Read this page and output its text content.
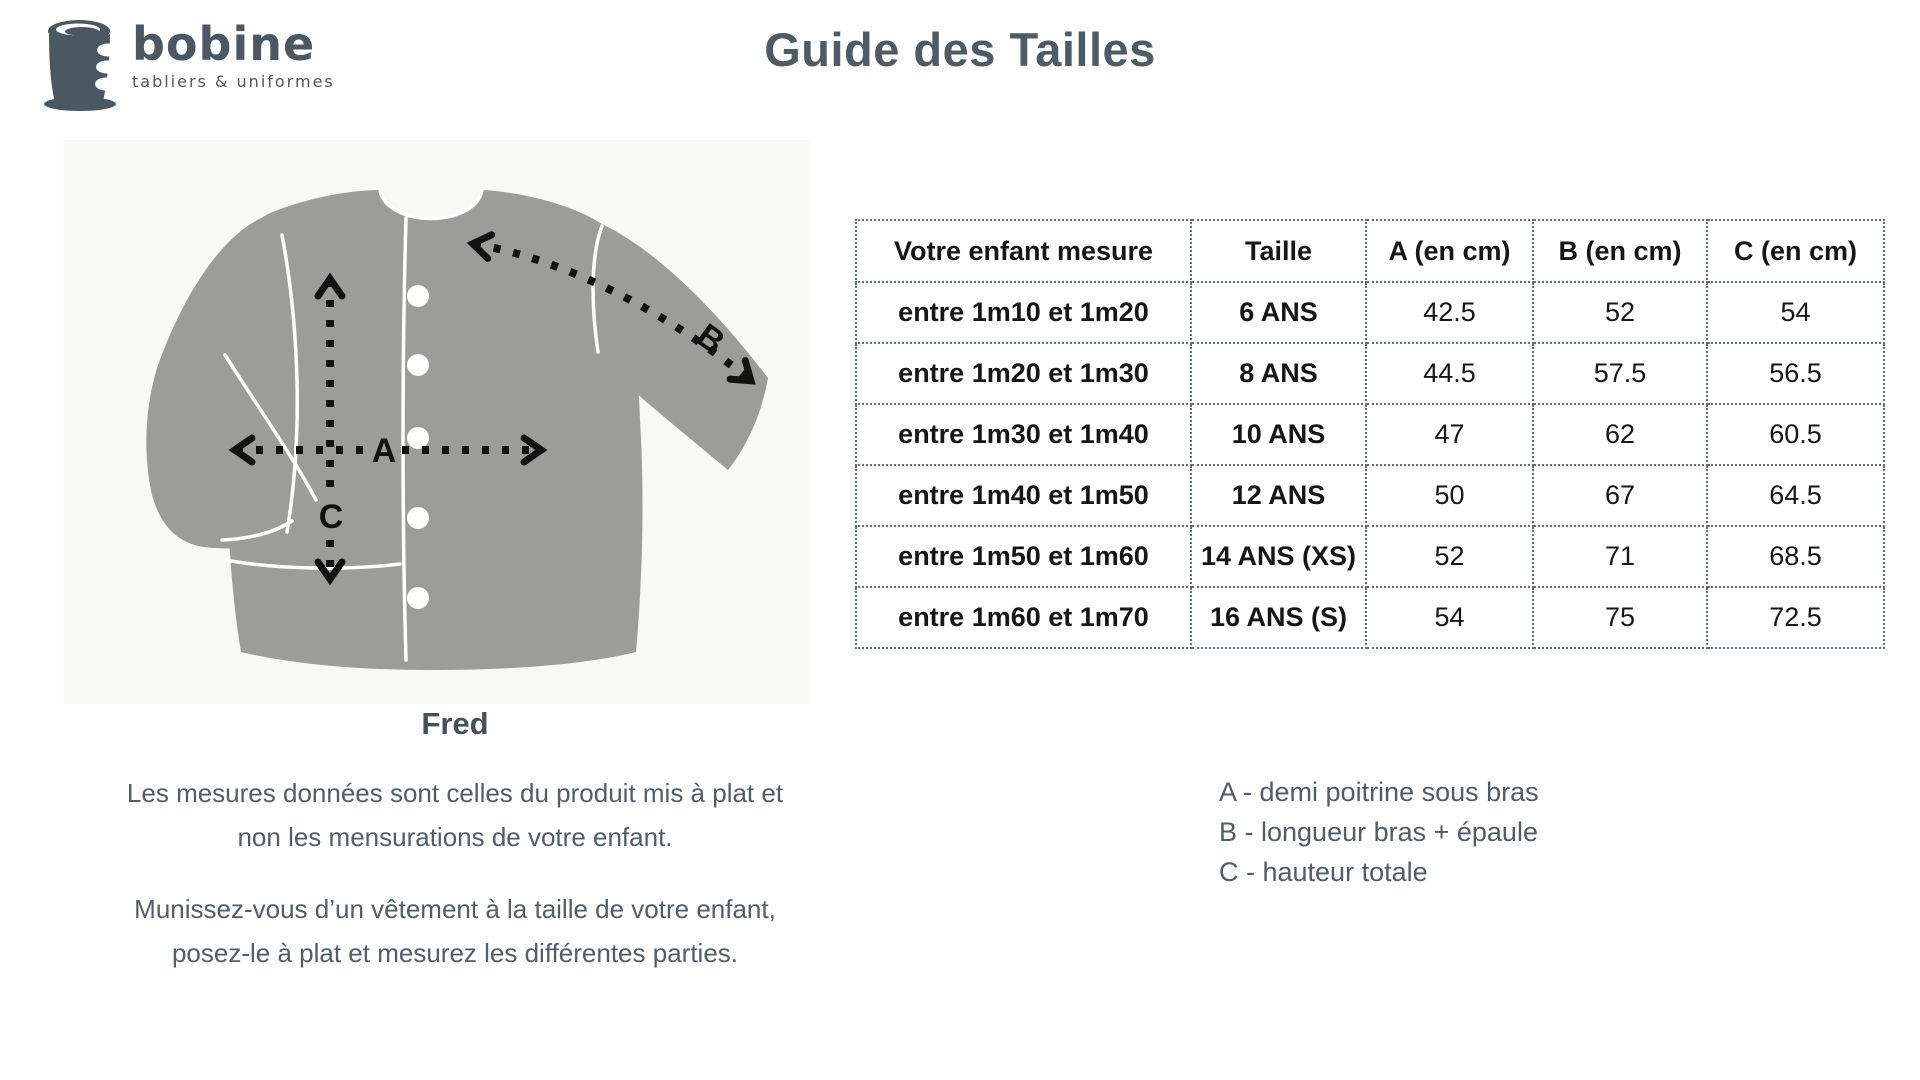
bobine
tabliers & uniformes
Guide des Tailles
A
B
C
Fred
Les mesures données sont celles du produit mis à plat et
non les mensurations de votre enfant.
Munissez-vous d’un vêtement à la taille de votre enfant,
posez-le à plat et mesurez les différentes parties.
Votre enfant mesure	Taille	A (en cm)	B (en cm)	C (en cm)
entre 1m10 et 1m20	6 ANS	42.5	52	54
entre 1m20 et 1m30	8 ANS	44.5	57.5	56.5
entre 1m30 et 1m40	10 ANS	47	62	60.5
entre 1m40 et 1m50	12 ANS	50	67	64.5
entre 1m50 et 1m60	14 ANS (XS)	52	71	68.5
entre 1m60 et 1m70	16 ANS (S)	54	75	72.5
A - demi poitrine sous bras
B - longueur bras + épaule
C - hauteur totale
